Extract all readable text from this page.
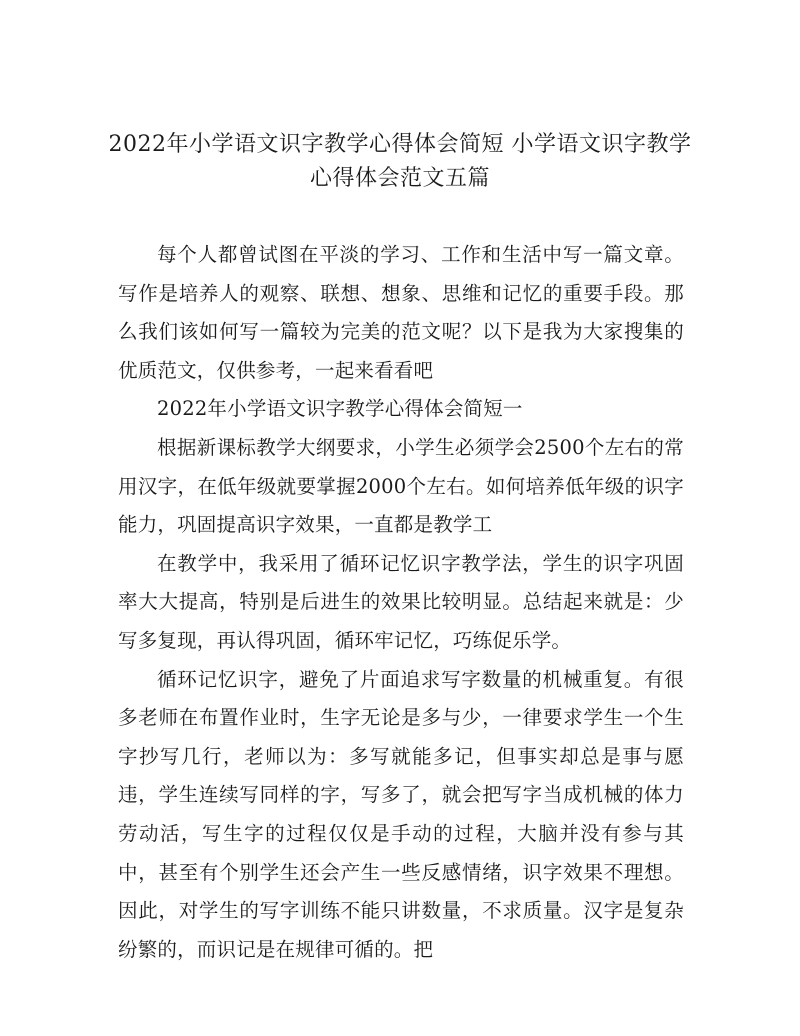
2022年小学语文识字教学心得体会简短 小学语文识字教学心得体会范文五篇

每个人都曾试图在平淡的学习、工作和生活中写一篇文章。写作是培养人的观察、联想、想象、思维和记忆的重要手段。那么我们该如何写一篇较为完美的范文呢？以下是我为大家搜集的优质范文，仅供参考，一起来看看吧

2022年小学语文识字教学心得体会简短一

根据新课标教学大纲要求，小学生必须学会2500个左右的常用汉字，在低年级就要掌握2000个左右。如何培养低年级的识字能力，巩固提高识字效果，一直都是教学工

在教学中，我采用了循环记忆识字教学法，学生的识字巩固率大大提高，特别是后进生的效果比较明显。总结起来就是：少写多复现，再认得巩固，循环牢记忆，巧练促乐学。

循环记忆识字，避免了片面追求写字数量的机械重复。有很多老师在布置作业时，生字无论是多与少，一律要求学生一个生字抄写几行，老师以为：多写就能多记，但事实却总是事与愿违，学生连续写同样的字，写多了，就会把写字当成机械的体力劳动活，写生字的过程仅仅是手动的过程，大脑并没有参与其中，甚至有个别学生还会产生一些反感情绪，识字效果不理想。因此，对学生的写字训练不能只讲数量，不求质量。汉字是复杂纷繁的，而识记是在规律可循的。把
